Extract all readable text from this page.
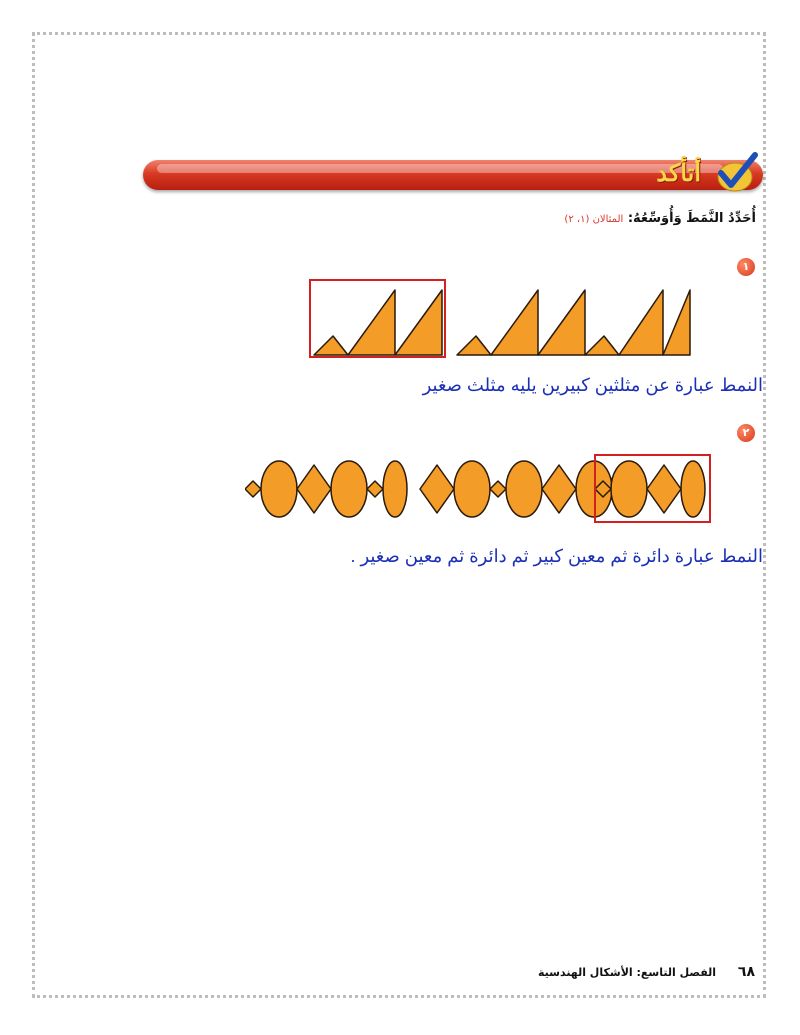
أتأكد
أُحَدِّدُ النَّمَطَ وَأُوَسِّعُهُ: المثالان (١، ٢)
١
النمط عبارة عن مثلثين كبيرين يليه مثلث صغير
٢
النمط عبارة دائرة ثم معين كبير ثم دائرة ثم معين صغير .
٦٨ الفصل التاسع: الأشكال الهندسية
